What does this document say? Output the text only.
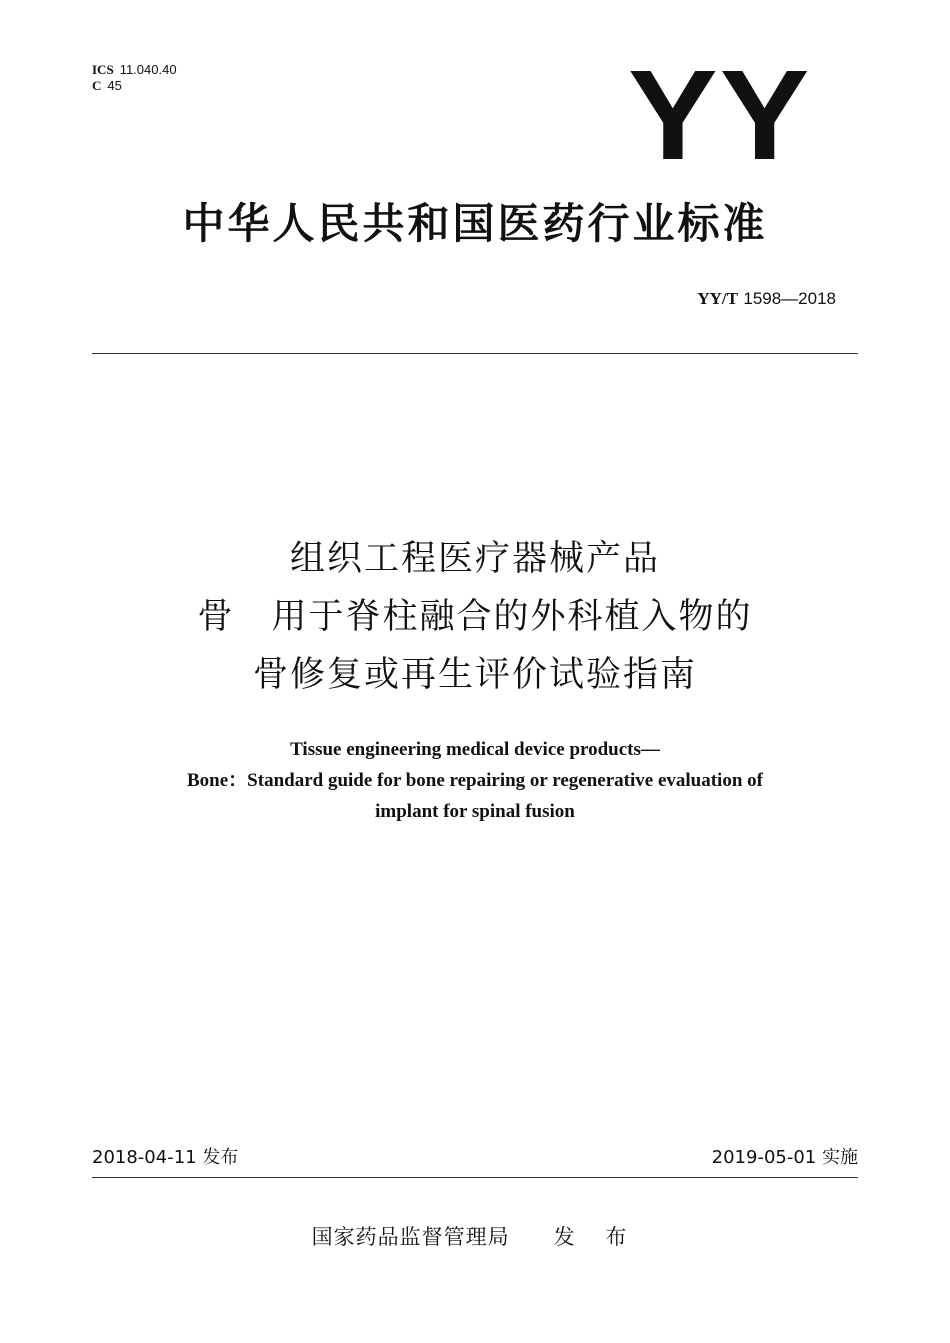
ICS 11.040.40
C 45	YY
中华人民共和国医药行业标准
YY/T 1598—2018
组织工程医疗器械产品
骨　用于脊柱融合的外科植入物的
骨修复或再生评价试验指南
Tissue engineering medical device products—
Bone：Standard guide for bone repairing or regenerative evaluation of
implant for spinal fusion
2018-04-11 发布	2019-05-01 实施
国家药品监督管理局 发 布
